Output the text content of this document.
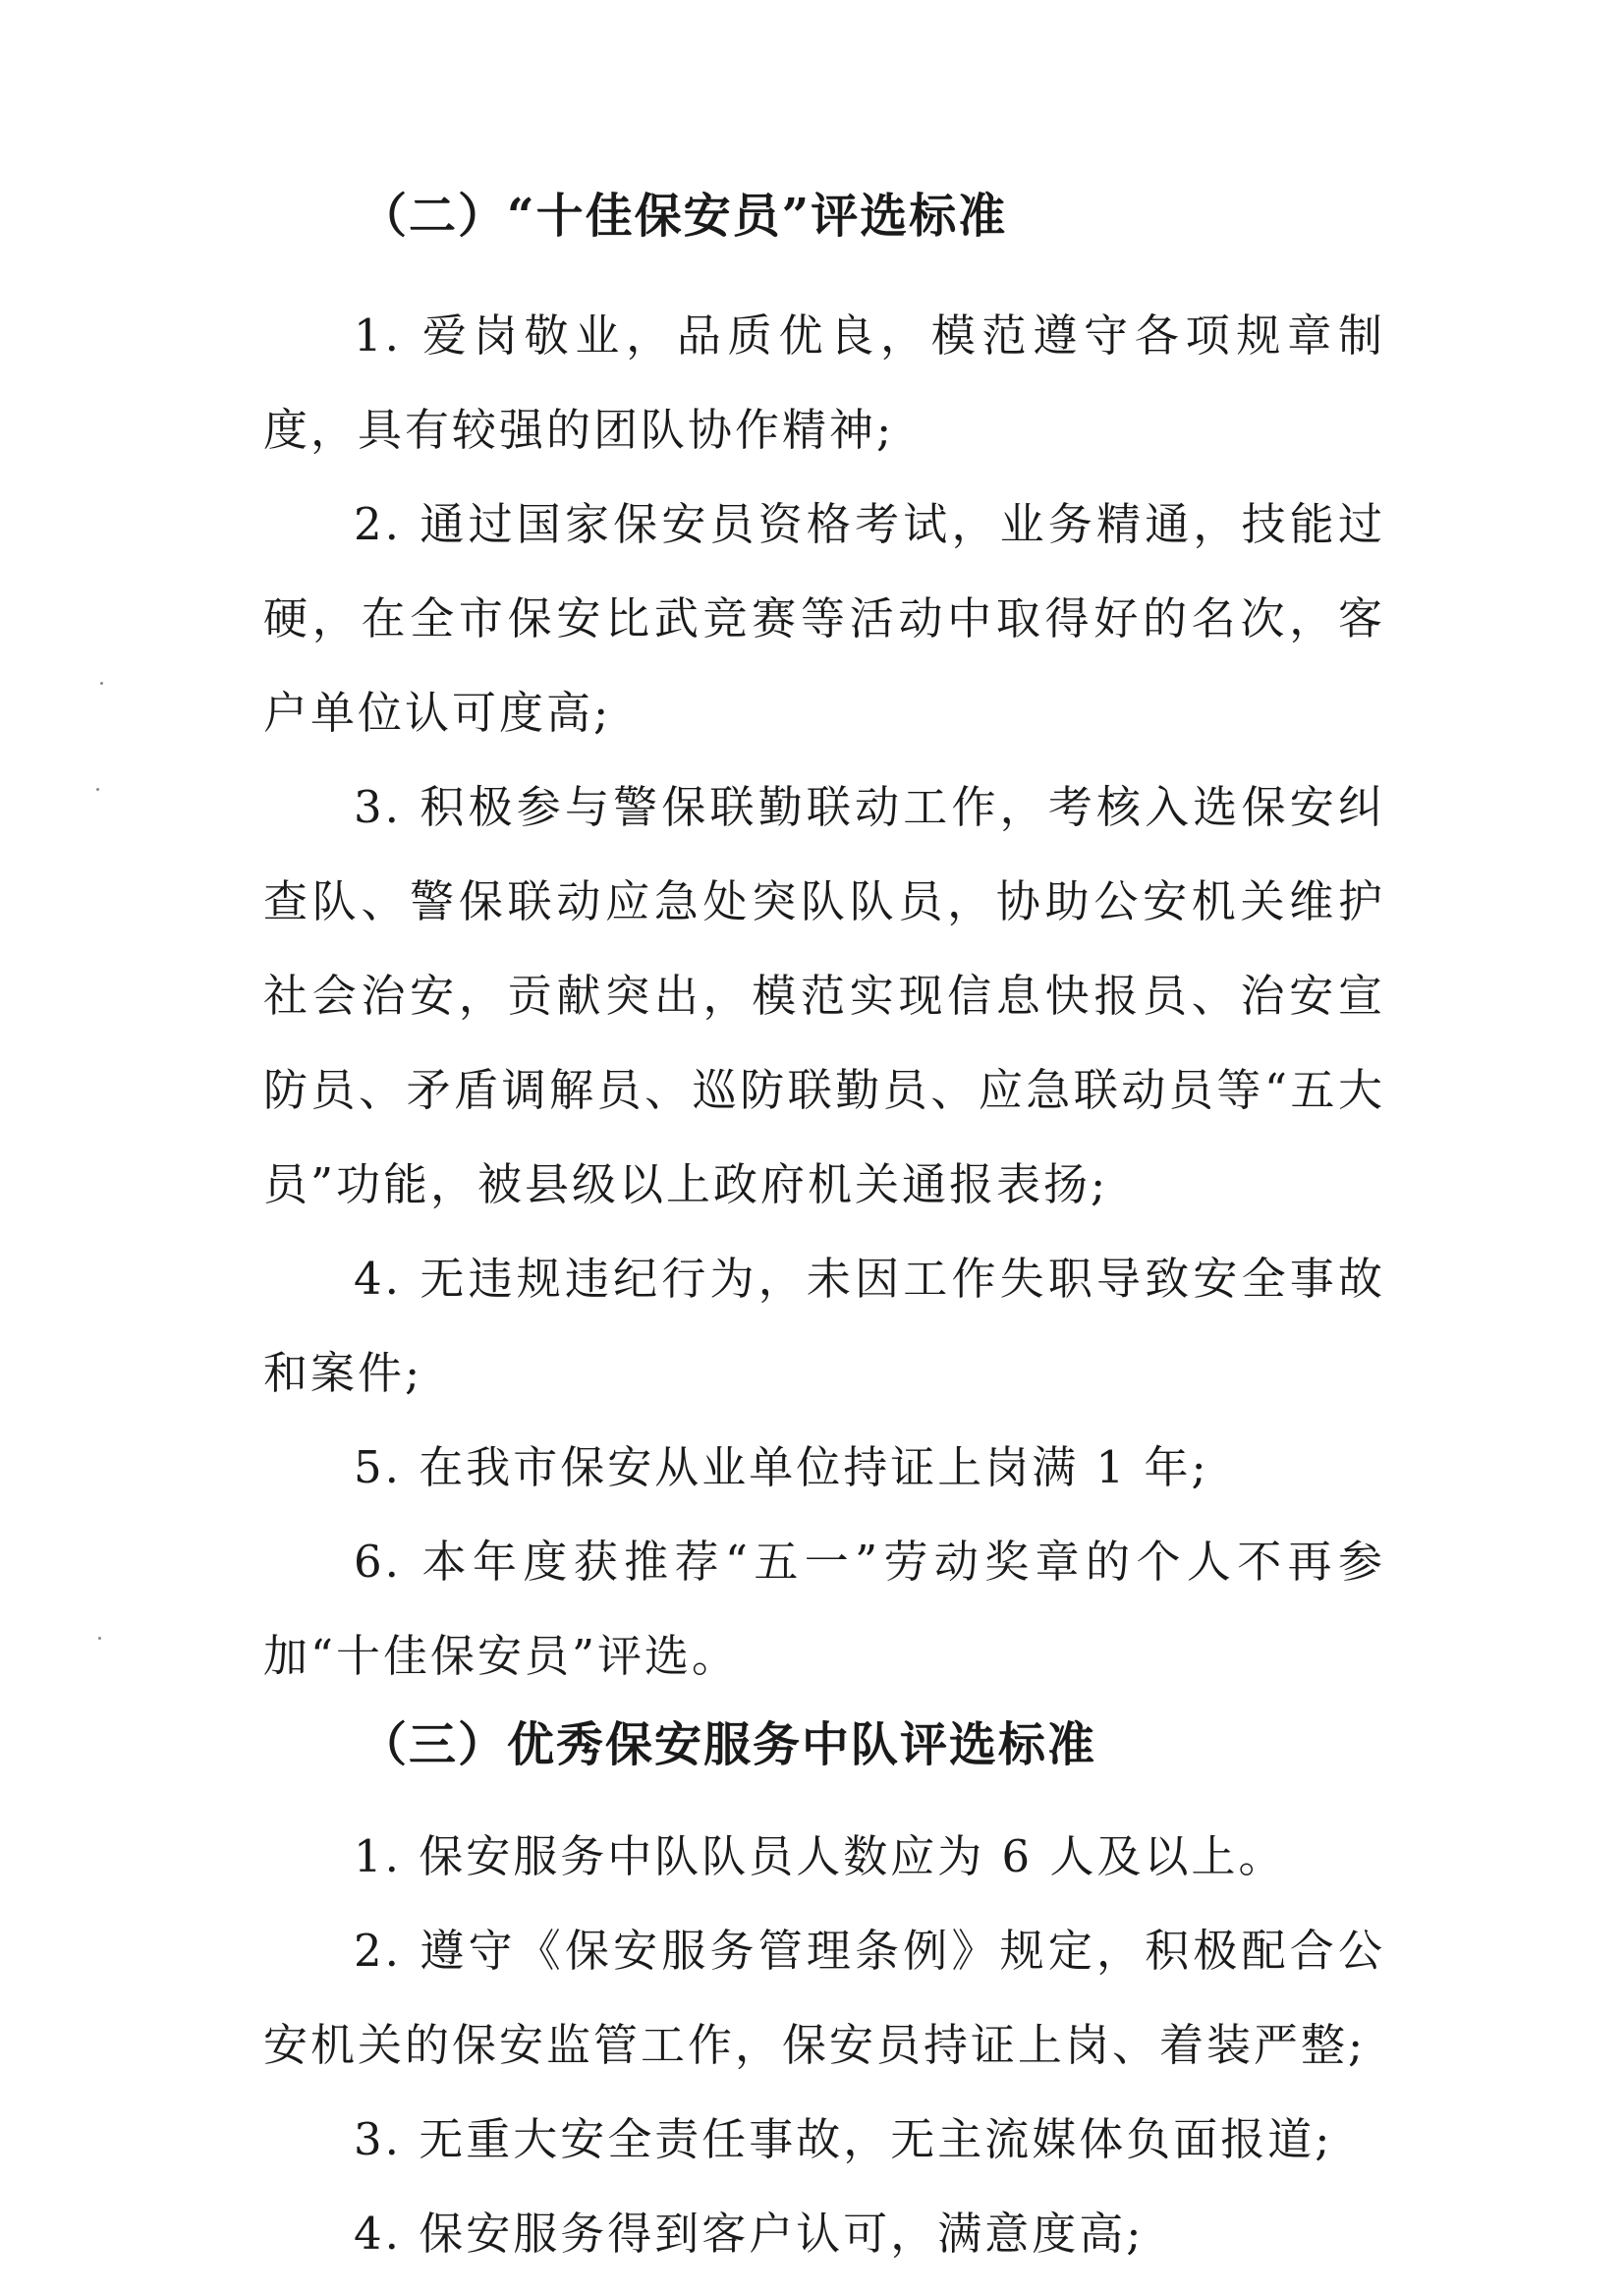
（二）“十佳保安员”评选标准

1. 爱岗敬业，品质优良，模范遵守各项规章制度，具有较强的团队协作精神;

2. 通过国家保安员资格考试，业务精通，技能过硬，在全市保安比武竞赛等活动中取得好的名次，客户单位认可度高;

3. 积极参与警保联勤联动工作，考核入选保安纠查队、警保联动应急处突队队员，协助公安机关维护社会治安，贡献突出，模范实现信息快报员、治安宣防员、矛盾调解员、巡防联勤员、应急联动员等“五大员”功能，被县级以上政府机关通报表扬;

4. 无违规违纪行为，未因工作失职导致安全事故和案件;

5. 在我市保安从业单位持证上岗满 1 年;

6. 本年度获推荐“五一”劳动奖章的个人不再参加“十佳保安员”评选。

（三）优秀保安服务中队评选标准

1. 保安服务中队队员人数应为 6 人及以上。

2. 遵守《保安服务管理条例》规定，积极配合公安机关的保安监管工作，保安员持证上岗、着装严整;

3. 无重大安全责任事故，无主流媒体负面报道;

4. 保安服务得到客户认可，满意度高;
